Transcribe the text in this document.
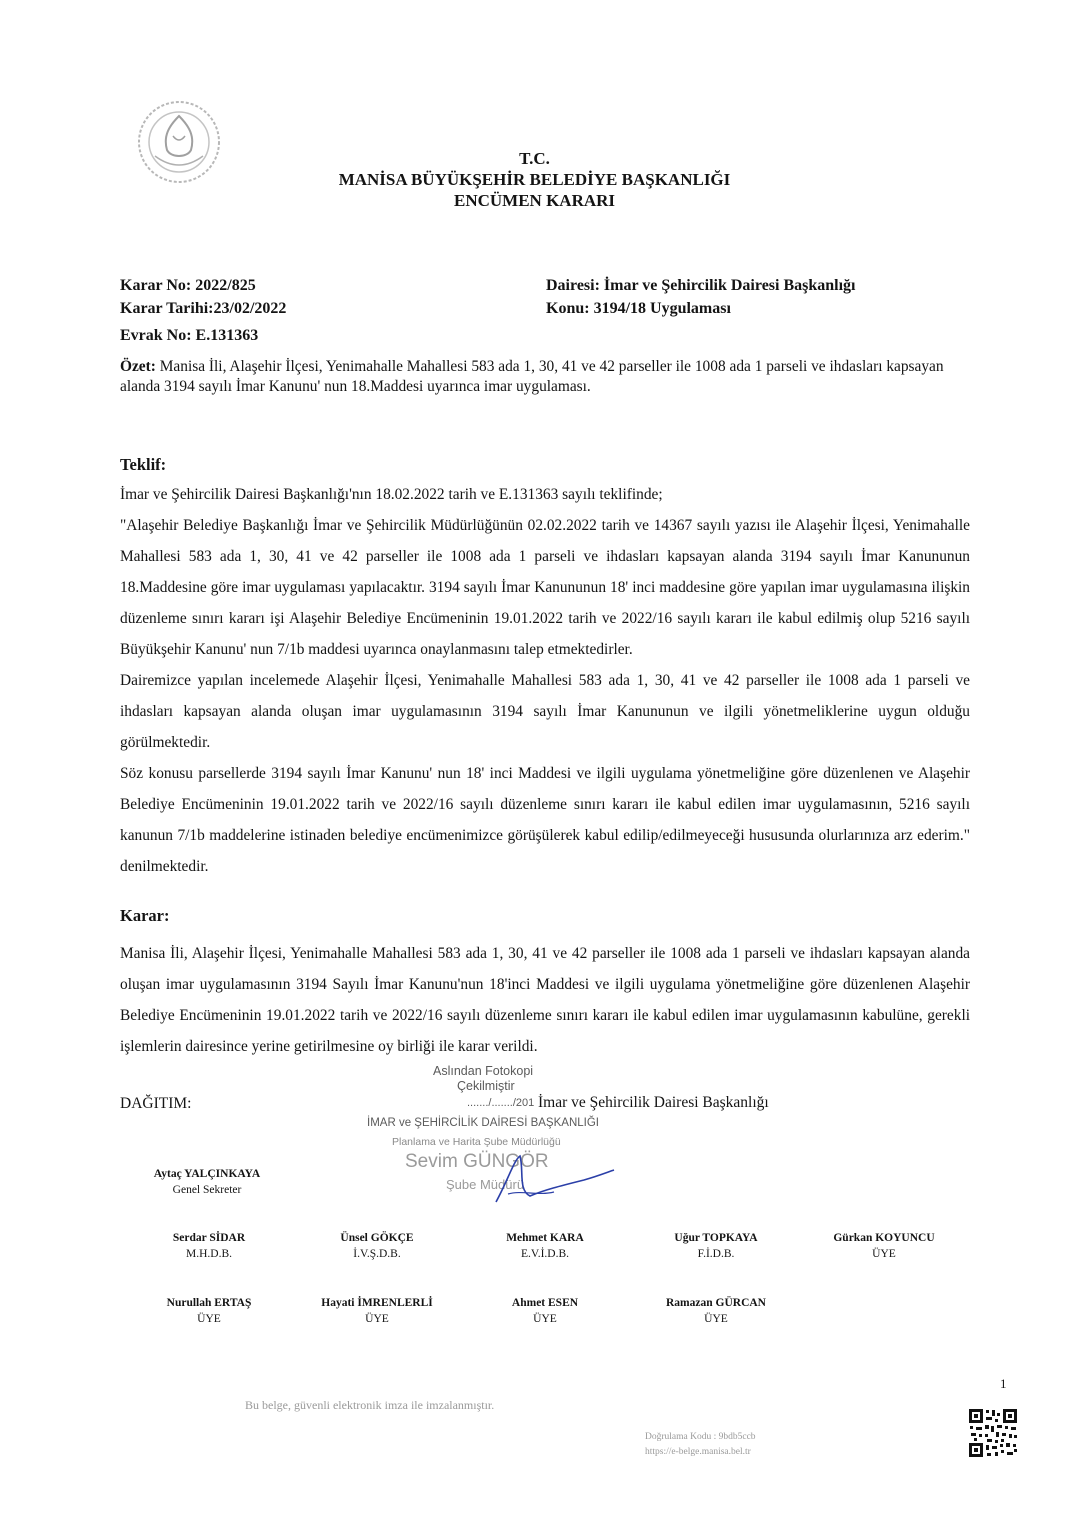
T.C.
MANİSA BÜYÜKŞEHİR BELEDİYE BAŞKANLIĞI
ENCÜMEN KARARI
Karar No: 2022/825
Karar Tarihi:23/02/2022
Evrak No: E.131363
Dairesi: İmar ve Şehircilik Dairesi Başkanlığı
Konu: 3194/18 Uygulaması
Özet: Manisa İli, Alaşehir İlçesi, Yenimahalle Mahallesi 583 ada 1, 30, 41 ve 42 parseller ile 1008 ada 1 parseli ve ihdasları kapsayan alanda 3194 sayılı İmar Kanunu' nun 18.Maddesi uyarınca imar uygulaması.
Teklif:

İmar ve Şehircilik Dairesi Başkanlığı'nın 18.02.2022 tarih ve E.131363 sayılı teklifinde;

"Alaşehir Belediye Başkanlığı İmar ve Şehircilik Müdürlüğünün 02.02.2022 tarih ve 14367 sayılı yazısı ile Alaşehir İlçesi, Yenimahalle Mahallesi 583 ada 1, 30, 41 ve 42 parseller ile 1008 ada 1 parseli ve ihdasları kapsayan alanda 3194 sayılı İmar Kanununun 18.Maddesine göre imar uygulaması yapılacaktır. 3194 sayılı İmar Kanununun 18' inci maddesine göre yapılan imar uygulamasına ilişkin düzenleme sınırı kararı işi Alaşehir Belediye Encümeninin 19.01.2022 tarih ve 2022/16 sayılı kararı ile kabul edilmiş olup 5216 sayılı Büyükşehir Kanunu' nun 7/1b maddesi uyarınca onaylanmasını talep etmektedirler.

Dairemizce yapılan incelemede Alaşehir İlçesi, Yenimahalle Mahallesi 583 ada 1, 30, 41 ve 42 parseller ile 1008 ada 1 parseli ve ihdasları kapsayan alanda oluşan imar uygulamasının 3194 sayılı İmar Kanununun ve ilgili yönetmeliklerine uygun olduğu görülmektedir.

Söz konusu parsellerde 3194 sayılı İmar Kanunu' nun 18' inci Maddesi ve ilgili uygulama yönetmeliğine göre düzenlenen ve Alaşehir Belediye Encümeninin 19.01.2022 tarih ve 2022/16 sayılı düzenleme sınırı kararı ile kabul edilen imar uygulamasının, 5216 sayılı kanunun 7/1b maddelerine istinaden belediye encümenimizce görüşülerek kabul edilip/edilmeyeceği hususunda olurlarınıza arz ederim." denilmektedir.

Karar:

Manisa İli, Alaşehir İlçesi, Yenimahalle Mahallesi 583 ada 1, 30, 41 ve 42 parseller ile 1008 ada 1 parseli ve ihdasları kapsayan alanda oluşan imar uygulamasının 3194 Sayılı İmar Kanunu'nun 18'inci Maddesi ve ilgili uygulama yönetmeliğine göre düzenlenen Alaşehir Belediye Encümeninin 19.01.2022 tarih ve 2022/16 sayılı düzenleme sınırı kararı ile kabul edilen imar uygulamasının kabulüne, gerekli işlemlerin dairesince yerine getirilmesine oy birliği ile karar verildi.

DAĞITIM:	İmar ve Şehircilik Dairesi Başkanlığı
Aslından Fotokopi
Çekilmiştir
......./......./201
İMAR ve ŞEHİRCİLİK DAİRESİ BAŞKANLIĞI
Planlama ve Harita Şube Müdürlüğü
Sevim GÜNGÖR
Şube Müdürü
Aytaç YALÇINKAYA
Genel Sekreter
Serdar SİDAR
M.H.D.B.
Ünsel GÖKÇE
İ.V.Ş.D.B.
Mehmet KARA
E.V.İ.D.B.
Uğur TOPKAYA
F.İ.D.B.
Gürkan KOYUNCU
ÜYE
Nurullah ERTAŞ
ÜYE
Hayati İMRENLERLİ
ÜYE
Ahmet ESEN
ÜYE
Ramazan GÜRCAN
ÜYE
Bu belge, güvenli elektronik imza ile imzalanmıştır.
1
Doğrulama Kodu : 9bdb5ccb
https://e-belge.manisa.bel.tr
